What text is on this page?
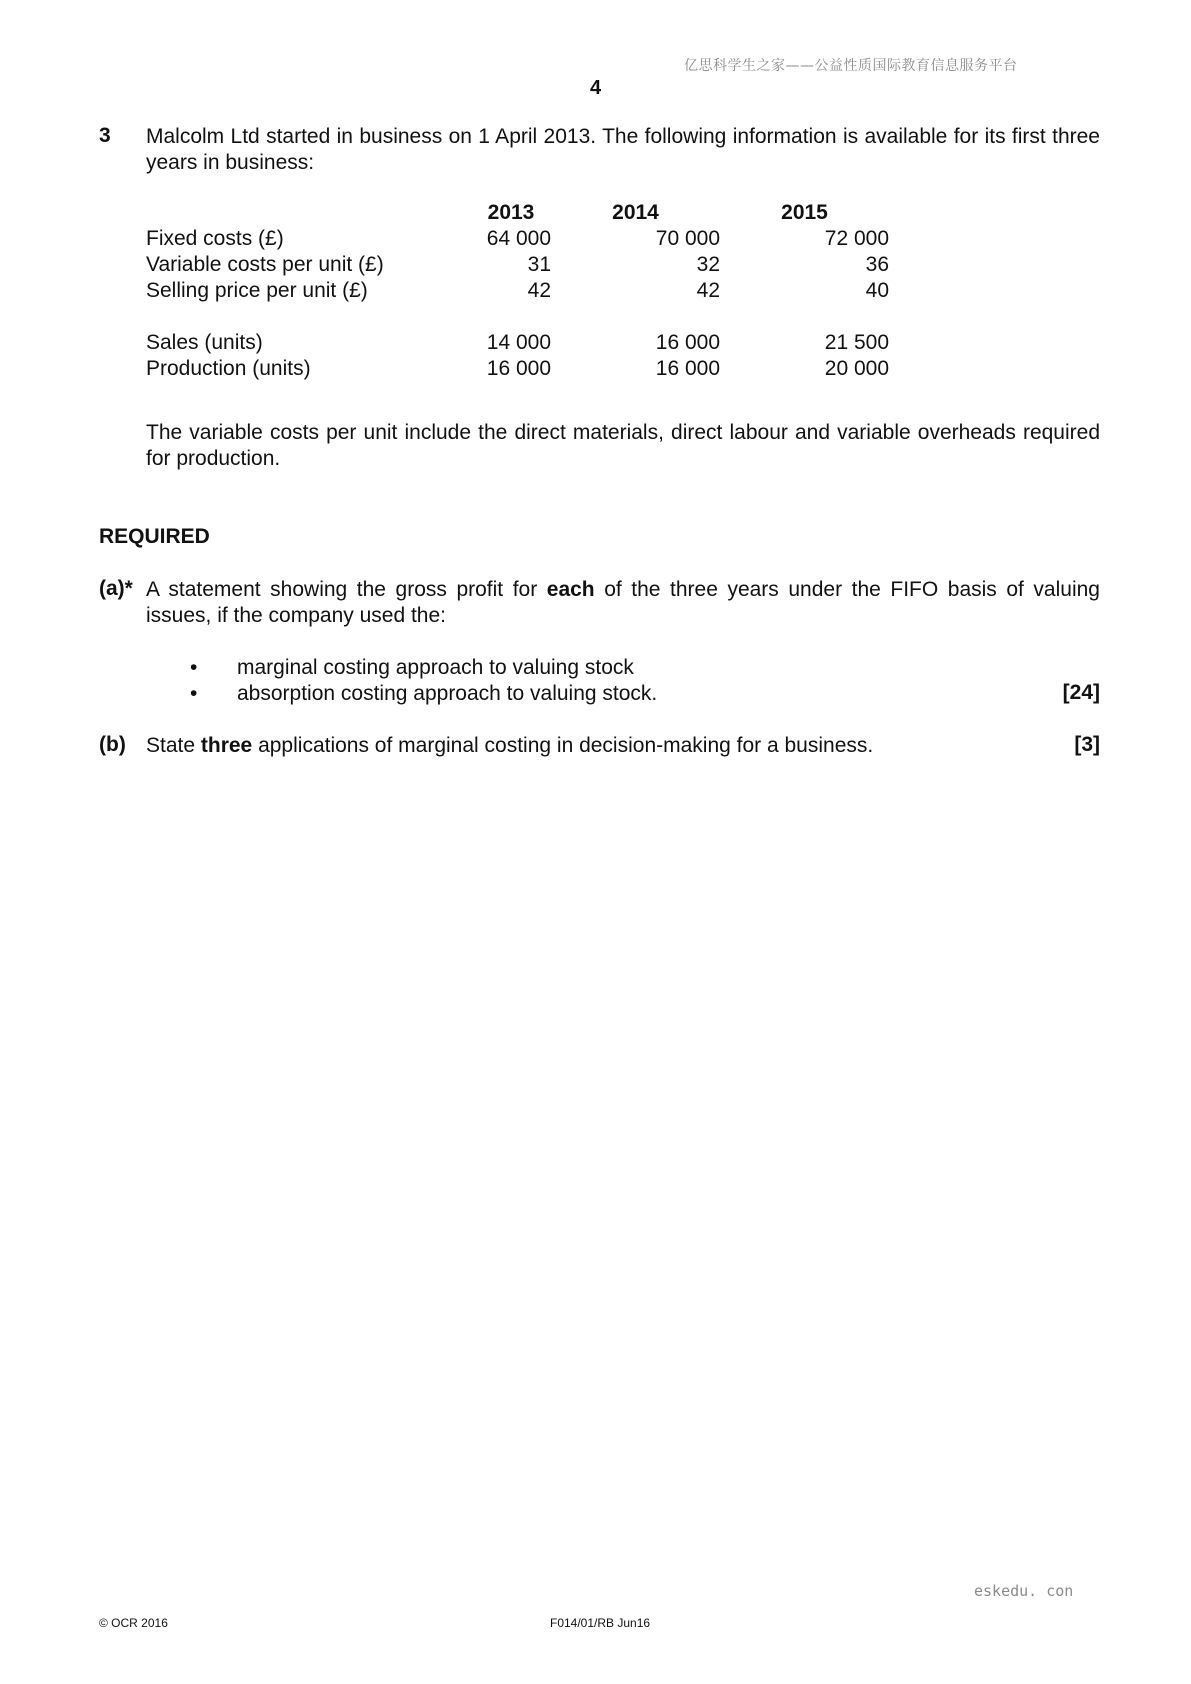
亿思科学生之家——公益性质国际教育信息服务平台
4
3 Malcolm Ltd started in business on 1 April 2013. The following information is available for its first three years in business:
	2013	2014	2015
Fixed costs (£)	64 000	70 000	72 000
Variable costs per unit (£)	31	32	36
Selling price per unit (£)	42	42	40

Sales (units)	14 000	16 000	21 500
Production (units)	16 000	16 000	20 000
The variable costs per unit include the direct materials, direct labour and variable overheads required for production.
REQUIRED
(a)* A statement showing the gross profit for each of the three years under the FIFO basis of valuing issues, if the company used the:
• marginal costing approach to valuing stock
• absorption costing approach to valuing stock.	[24]
(b) State three applications of marginal costing in decision-making for a business.	[3]
eskedu. con
© OCR 2016	F014/01/RB Jun16
